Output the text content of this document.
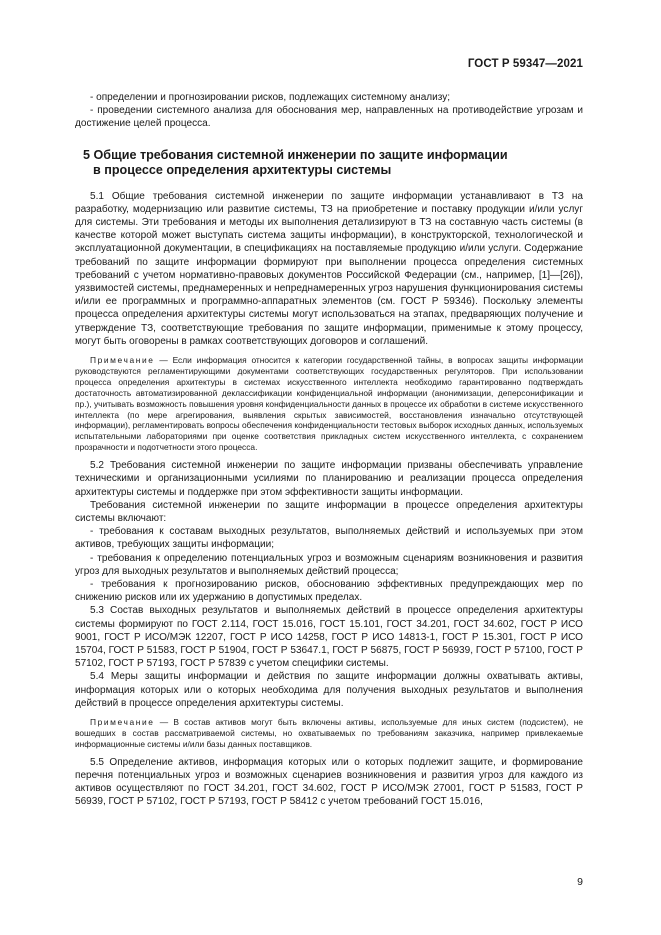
ГОСТ Р 59347—2021

- определении и прогнозировании рисков, подлежащих системному анализу;

- проведении системного анализа для обоснования мер, направленных на противодействие угрозам и достижение целей процесса.

5 Общие требования системной инженерии по защите информации
в процессе определения архитектуры системы

5.1 Общие требования системной инженерии по защите информации устанавливают в ТЗ на разработку, модернизацию или развитие системы, ТЗ на приобретение и поставку продукции и/или услуг для системы. Эти требования и методы их выполнения детализируют в ТЗ на составную часть системы (в качестве которой может выступать система защиты информации), в конструкторской, технологической и эксплуатационной документации, в спецификациях на поставляемые продукцию и/или услуги. Содержание требований по защите информации формируют при выполнении процесса определения системных требований с учетом нормативно-правовых документов Российской Федерации (см., например, [1]—[26]), уязвимостей системы, преднамеренных и непреднамеренных угроз нарушения функционирования системы и/или ее программных и программно-аппаратных элементов (см. ГОСТ Р 59346). Поскольку элементы процесса определения архитектуры системы могут использоваться на этапах, предваряющих получение и утверждение ТЗ, соответствующие требования по защите информации, применимые к этому процессу, могут быть оговорены в рамках соответствующих договоров и соглашений.

Примечание — Если информация относится к категории государственной тайны, в вопросах защиты информации руководствуются регламентирующими документами соответствующих государственных регуляторов. При использовании процесса определения архитектуры в системах искусственного интеллекта необходимо гарантированно подтверждать достаточность автоматизированной деклассификации конфиденциальной информации (анонимизации, деперсонификации и пр.), учитывать возможность повышения уровня конфиденциальности данных в процессе их обработки в системе искусственного интеллекта (по мере агрегирования, выявления скрытых зависимостей, восстановления изначально отсутствующей информации), регламентировать вопросы обеспечения конфиденциальности тестовых выборок исходных данных, используемых испытательными лабораториями при оценке соответствия прикладных систем искусственного интеллекта, с сохранением прозрачности и подотчетности этого процесса.

5.2 Требования системной инженерии по защите информации призваны обеспечивать управление техническими и организационными усилиями по планированию и реализации процесса определения архитектуры системы и поддержке при этом эффективности защиты информации.

Требования системной инженерии по защите информации в процессе определения архитектуры системы включают:

- требования к составам выходных результатов, выполняемых действий и используемых при этом активов, требующих защиты информации;

- требования к определению потенциальных угроз и возможным сценариям возникновения и развития угроз для выходных результатов и выполняемых действий процесса;

- требования к прогнозированию рисков, обоснованию эффективных предупреждающих мер по снижению рисков или их удержанию в допустимых пределах.

5.3 Состав выходных результатов и выполняемых действий в процессе определения архитектуры системы формируют по ГОСТ 2.114, ГОСТ 15.016, ГОСТ 15.101, ГОСТ 34.201, ГОСТ 34.602, ГОСТ Р ИСО 9001, ГОСТ Р ИСО/МЭК 12207, ГОСТ Р ИСО 14258, ГОСТ Р ИСО 14813-1, ГОСТ Р 15.301, ГОСТ Р ИСО 15704, ГОСТ Р 51583, ГОСТ Р 51904, ГОСТ Р 53647.1, ГОСТ Р 56875, ГОСТ Р 56939, ГОСТ Р 57100, ГОСТ Р 57102, ГОСТ Р 57193, ГОСТ Р 57839 с учетом специфики системы.

5.4 Меры защиты информации и действия по защите информации должны охватывать активы, информация которых или о которых необходима для получения выходных результатов и выполнения действий в процессе определения архитектуры системы.

Примечание — В состав активов могут быть включены активы, используемые для иных систем (подсистем), не вошедших в состав рассматриваемой системы, но охватываемых по требованиям заказчика, например привлекаемые информационные системы и/или базы данных поставщиков.

5.5 Определение активов, информация которых или о которых подлежит защите, и формирование перечня потенциальных угроз и возможных сценариев возникновения и развития угроз для каждого из активов осуществляют по ГОСТ 34.201, ГОСТ 34.602, ГОСТ Р ИСО/МЭК 27001, ГОСТ Р 51583, ГОСТ Р 56939, ГОСТ Р 57102, ГОСТ Р 57193, ГОСТ Р 58412 с учетом требований ГОСТ 15.016,

9
